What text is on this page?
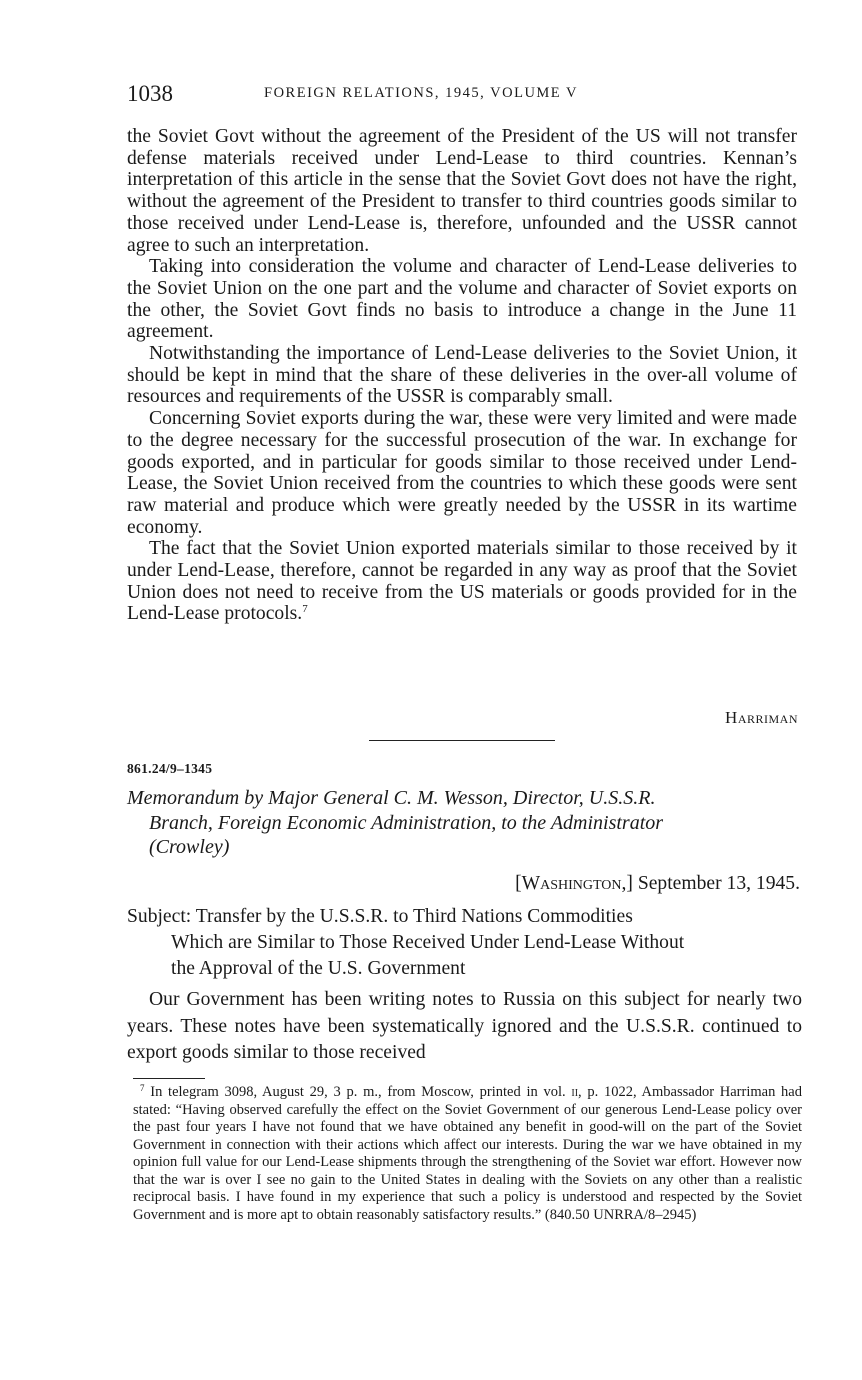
1038	FOREIGN RELATIONS, 1945, VOLUME V

the Soviet Govt without the agreement of the President of the US will not transfer defense materials received under Lend-Lease to third countries. Kennan’s interpretation of this article in the sense that the Soviet Govt does not have the right, without the agreement of the President to transfer to third countries goods similar to those received under Lend-Lease is, therefore, unfounded and the USSR cannot agree to such an interpretation.

Taking into consideration the volume and character of Lend-Lease deliveries to the Soviet Union on the one part and the volume and character of Soviet exports on the other, the Soviet Govt finds no basis to introduce a change in the June 11 agreement.

Notwithstanding the importance of Lend-Lease deliveries to the Soviet Union, it should be kept in mind that the share of these deliveries in the over-all volume of resources and requirements of the USSR is comparably small.

Concerning Soviet exports during the war, these were very limited and were made to the degree necessary for the successful prosecution of the war. In exchange for goods exported, and in particular for goods similar to those received under Lend-Lease, the Soviet Union received from the countries to which these goods were sent raw material and produce which were greatly needed by the USSR in its wartime economy.

The fact that the Soviet Union exported materials similar to those received by it under Lend-Lease, therefore, cannot be regarded in any way as proof that the Soviet Union does not need to receive from the US materials or goods provided for in the Lend-Lease protocols.$^7$

Harriman
861.24/9–1345
Memorandum by Major General C. M. Wesson, Director, U.S.S.R.
Branch, Foreign Economic Administration, to the Administrator
(Crowley)
[Washington,] September 13, 1945.
Subject: Transfer by the U.S.S.R. to Third Nations Commodities
Which are Similar to Those Received Under Lend-Lease Without
the Approval of the U.S. Government

Our Government has been writing notes to Russia on this subject for nearly two years. These notes have been systematically ignored and the U.S.S.R. continued to export goods similar to those received

$^7$ In telegram 3098, August 29, 3 p. m., from Moscow, printed in vol. ii, p. 1022, Ambassador Harriman had stated: “Having observed carefully the effect on the Soviet Government of our generous Lend-Lease policy over the past four years I have not found that we have obtained any benefit in good-will on the part of the Soviet Government in connection with their actions which affect our interests. During the war we have obtained in my opinion full value for our Lend-Lease shipments through the strengthening of the Soviet war effort. However now that the war is over I see no gain to the United States in dealing with the Soviets on any other than a realistic reciprocal basis. I have found in my experience that such a policy is understood and respected by the Soviet Government and is more apt to obtain reasonably satisfactory results.” (840.50 UNRRA/8–2945)
